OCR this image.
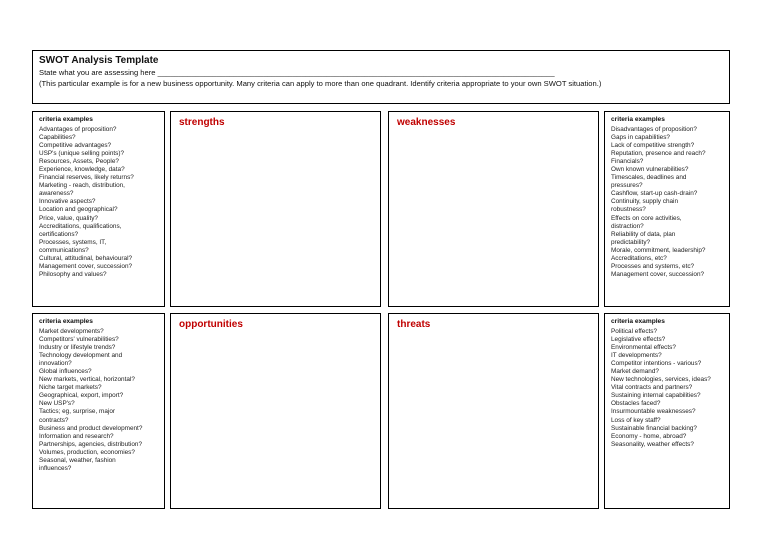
SWOT Analysis Template
State what you are assessing here ______________________________________________________________________________________________
(This particular example is for a new business opportunity. Many criteria can apply to more than one quadrant. Identify criteria appropriate to your own SWOT situation.)
criteria examples
Advantages of proposition?
Capabilities?
Competitive advantages?
USP's (unique selling points)?
Resources, Assets, People?
Experience, knowledge, data?
Financial reserves, likely returns?
Marketing - reach, distribution,
awareness?
Innovative aspects?
Location and geographical?
Price, value, quality?
Accreditations, qualifications,
certifications?
Processes, systems, IT,
communications?
Cultural, attitudinal, behavioural?
Management cover, succession?
Philosophy and values?
strengths	weaknesses	criteria examples
Disadvantages of proposition?
Gaps in capabilities?
Lack of competitive strength?
Reputation, presence and reach?
Financials?
Own known vulnerabilities?
Timescales, deadlines and
pressures?
Cashflow, start-up cash-drain?
Continuity, supply chain
robustness?
Effects on core activities,
distraction?
Reliability of data, plan
predictability?
Morale, commitment, leadership?
Accreditations, etc?
Processes and systems, etc?
Management cover, succession?
criteria examples
Market developments?
Competitors' vulnerabilities?
Industry or lifestyle trends?
Technology development and
innovation?
Global influences?
New markets, vertical, horizontal?
Niche target markets?
Geographical, export, import?
New USP's?
Tactics; eg, surprise, major
contracts?
Business and product development?
Information and research?
Partnerships, agencies, distribution?
Volumes, production, economies?
Seasonal, weather, fashion
influences?
opportunities	threats	criteria examples
Political effects?
Legislative effects?
Environmental effects?
IT developments?
Competitor intentions - various?
Market demand?
New technologies, services, ideas?
Vital contracts and partners?
Sustaining internal capabilities?
Obstacles faced?
Insurmountable weaknesses?
Loss of key staff?
Sustainable financial backing?
Economy - home, abroad?
Seasonality, weather effects?
